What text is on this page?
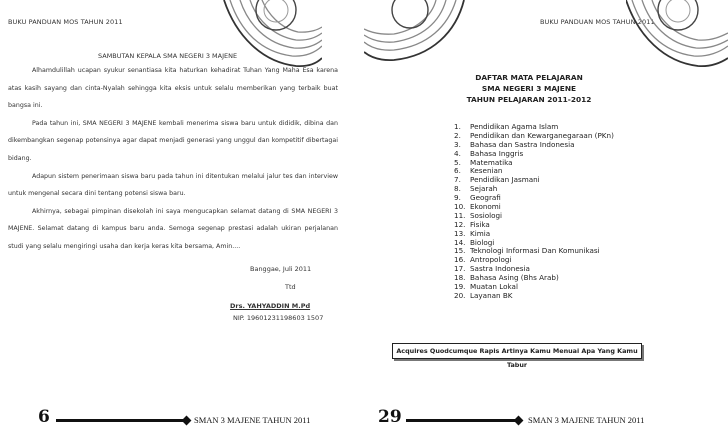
BUKU PANDUAN MOS TAHUN 2011
SAMBUTAN KEPALA SMA NEGERI 3 MAJENE

Alhamdulillah ucapan syukur senantiasa kita haturkan kehadirat Tuhan Yang Maha Esa karena atas kasih sayang dan cinta-Nyalah sehingga kita eksis untuk selalu memberikan yang terbaik buat bangsa ini.

Pada tahun ini, SMA NEGERI 3 MAJENE kembali menerima siswa baru untuk dididik, dibina dan dikembangkan segenap potensinya agar dapat menjadi generasi yang unggul dan kompetitif dibertagai bidang.

Adapun sistem penerimaan siswa baru pada tahun ini ditentukan melalui jalur tes dan interview untuk mengenal secara dini tentang potensi siswa baru.

Akhirnya, sebagai pimpinan disekolah ini saya mengucapkan selamat datang di SMA NEGERI 3 MAJENE. Selamat datang di kampus baru anda. Semoga segenap prestasi adalah ukiran perjalanan studi yang selalu mengiringi usaha dan kerja keras kita bersama, Amin....

Banggae, Juli 2011
Ttd
Drs. YAHYADDIN M.Pd
NIP. 19601231198603 1507
6	SMAN 3 MAJENE TAHUN 2011
BUKU PANDUAN MOS TAHUN 2011
DAFTAR MATA PELAJARAN
SMA NEGERI 3 MAJENE
TAHUN PELAJARAN 2011-2012
1. Pendidikan Agama Islam
2. Pendidikan dan Kewarganegaraan (PKn)
3. Bahasa dan Sastra Indonesia
4. Bahasa Inggris
5. Matematika
6. Kesenian
7. Pendidikan Jasmani
8. Sejarah
9. Geografi
10. Ekonomi
11. Sosiologi
12. Fisika
13. Kimia
14. Biologi
15. Teknologi Informasi Dan Komunikasi
16. Antropologi
17. Sastra Indonesia
18. Bahasa Asing (Bhs Arab)
19. Muatan Lokal
20. Layanan BK
Acquires Quodcumque Rapis Artinya Kamu Menuai Apa Yang Kamu Tabur
29	SMAN 3 MAJENE TAHUN 2011
